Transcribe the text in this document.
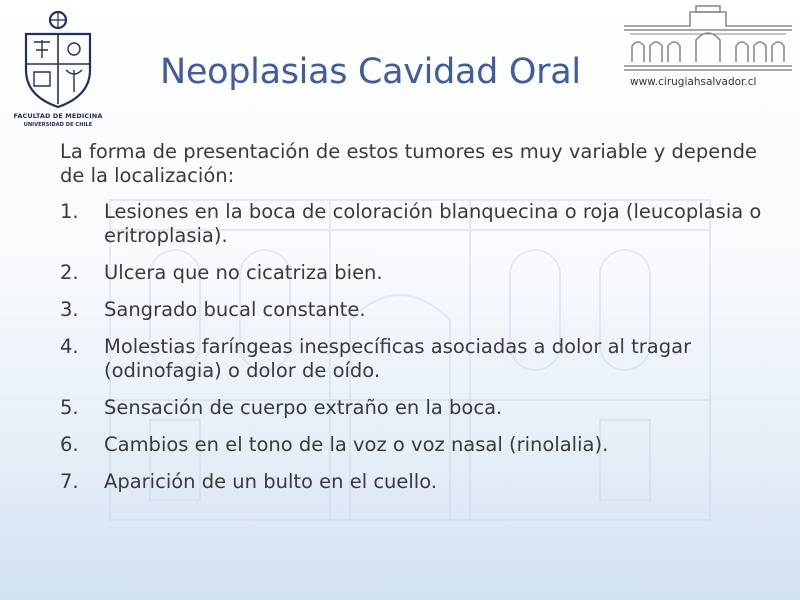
FACULTAD DE MEDICINA
UNIVERSIDAD DE CHILE
www.cirugiahsalvador.cl
Neoplasias Cavidad Oral

La forma de presentación de estos tumores es muy variable y depende de la localización:

1. Lesiones en la boca de coloración blanquecina o roja (leucoplasia o eritroplasia).
2. Ulcera que no cicatriza bien.
3. Sangrado bucal constante.
4. Molestias faríngeas inespecíficas asociadas a dolor al tragar (odinofagia) o dolor de oído.
5. Sensación de cuerpo extraño en la boca.
6. Cambios en el tono de la voz o voz nasal (rinolalia).
7. Aparición de un bulto en el cuello.
